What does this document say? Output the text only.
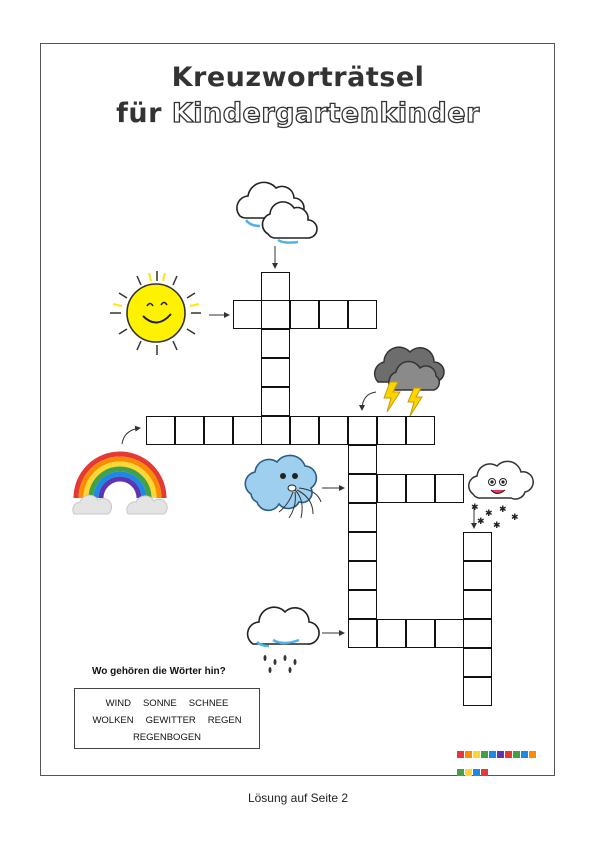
Kreuzworträtsel
für Kindergartenkinder
✱
✱ ✱
✱
✱ ✱
Wo gehören die Wörter hin?
WIND SONNE SCHNEE
WOLKEN GEWITTER REGEN
REGENBOGEN
Lösung auf Seite 2
